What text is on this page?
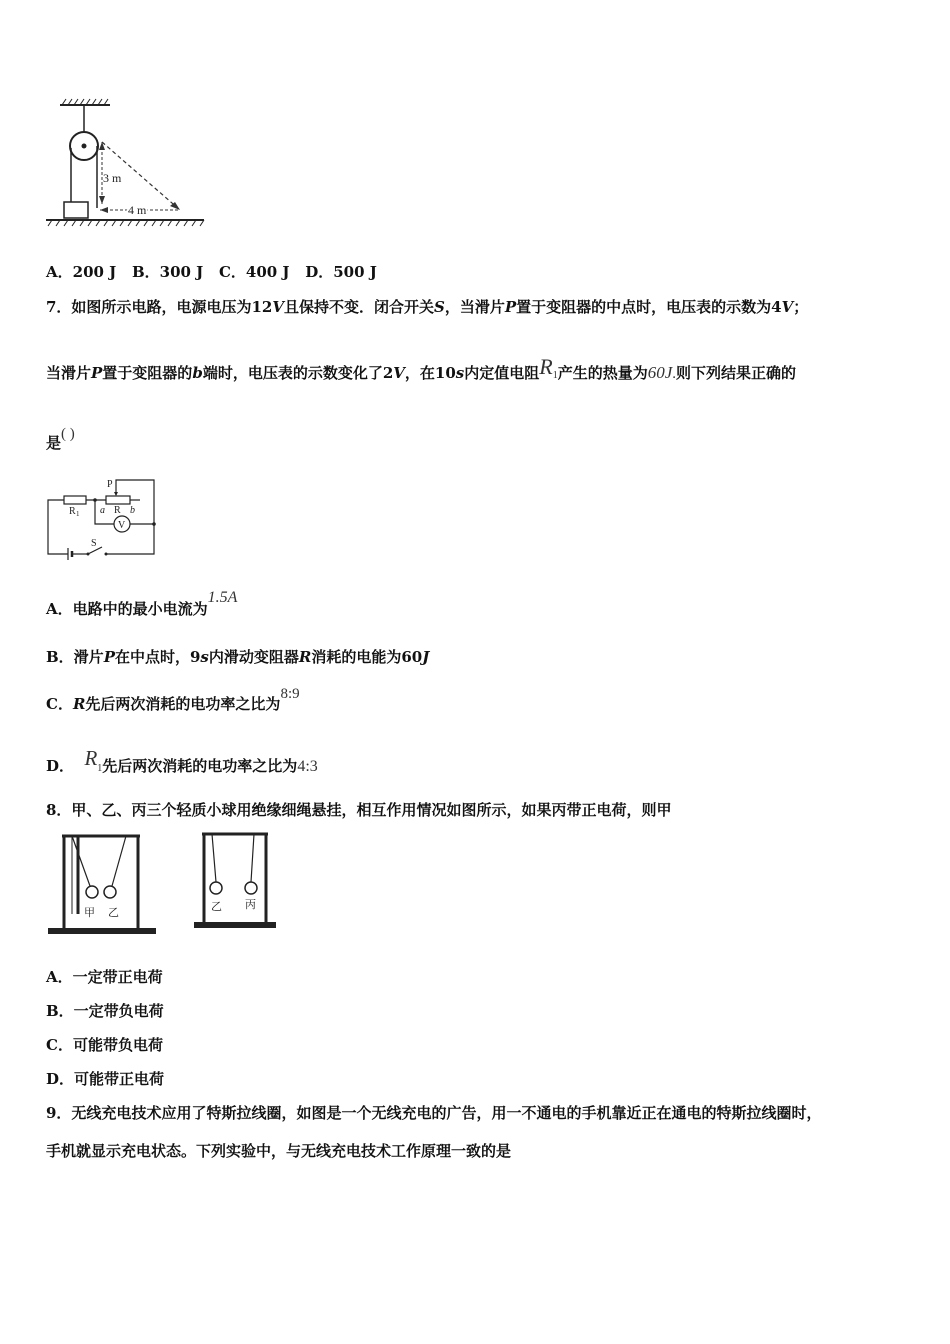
3 m
4 m
A．200 J B．300 J C．400 J D．500 J
7．如图所示电路，电源电压为12V且保持不变．闭合开关S，当滑片P置于变阻器的中点时，电压表的示数为4V；
当滑片P置于变阻器的b端时，电压表的示数变化了2V，在10s内定值电阻R1产生的热量为60J.则下列结果正确的
是( )
R 1
P
a R b
V
S
A．电路中的最小电流为1.5A
B．滑片P在中点时，9s内滑动变阻器R消耗的电能为60J
C．R先后两次消耗的电功率之比为8:9
D． R1先后两次消耗的电功率之比为4:3
8．甲、乙、丙三个轻质小球用绝缘细绳悬挂，相互作用情况如图所示，如果丙带正电荷，则甲
甲 乙	乙 丙
A．一定带正电荷
B．一定带负电荷
C．可能带负电荷
D．可能带正电荷
9．无线充电技术应用了特斯拉线圈，如图是一个无线充电的广告，用一不通电的手机靠近正在通电的特斯拉线圈时，
手机就显示充电状态。下列实验中，与无线充电技术工作原理一致的是
